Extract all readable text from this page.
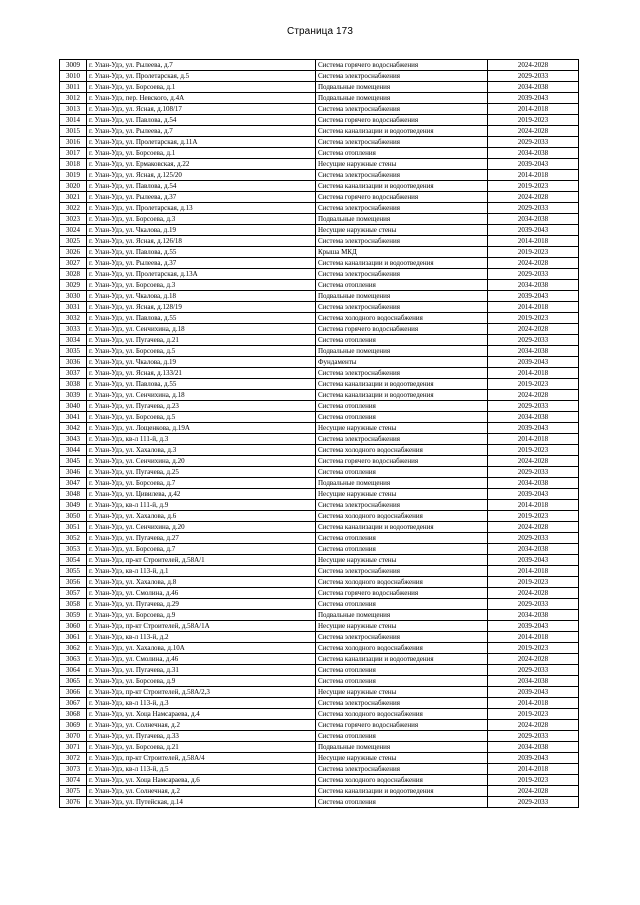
Страница 173
3009	г. Улан-Удэ, ул. Рылеева, д.7	Система горячего водоснабжения	2024-2028
3010	г. Улан-Удэ, ул. Пролетарская, д.5	Система электроснабжения	2029-2033
3011	г. Улан-Удэ, ул. Борсоева, д.1	Подвальные помещения	2034-2038
3012	г. Улан-Удэ, пер. Невского, д.4А	Подвальные помещения	2039-2043
3013	г. Улан-Удэ, ул. Ясная, д.108/17	Система электроснабжения	2014-2018
3014	г. Улан-Удэ, ул. Павлова, д.54	Система горячего водоснабжения	2019-2023
3015	г. Улан-Удэ, ул. Рылеева, д.7	Система канализации и водоотведения	2024-2028
3016	г. Улан-Удэ, ул. Пролетарская, д.11А	Система электроснабжения	2029-2033
3017	г. Улан-Удэ, ул. Борсоева, д.1	Система отопления	2034-2038
3018	г. Улан-Удэ, ул. Ермаковская, д.22	Несущие наружные стены	2039-2043
3019	г. Улан-Удэ, ул. Ясная, д.125/20	Система электроснабжения	2014-2018
3020	г. Улан-Удэ, ул. Павлова, д.54	Система канализации и водоотведения	2019-2023
3021	г. Улан-Удэ, ул. Рылеева, д.37	Система горячего водоснабжения	2024-2028
3022	г. Улан-Удэ, ул. Пролетарская, д.13	Система электроснабжения	2029-2033
3023	г. Улан-Удэ, ул. Борсоева, д.3	Подвальные помещения	2034-2038
3024	г. Улан-Удэ, ул. Чкалова, д.19	Несущие наружные стены	2039-2043
3025	г. Улан-Удэ, ул. Ясная, д.126/18	Система электроснабжения	2014-2018
3026	г. Улан-Удэ, ул. Павлова, д.55	Крыша МКД	2019-2023
3027	г. Улан-Удэ, ул. Рылеева, д.37	Система канализации и водоотведения	2024-2028
3028	г. Улан-Удэ, ул. Пролетарская, д.13А	Система электроснабжения	2029-2033
3029	г. Улан-Удэ, ул. Борсоева, д.3	Система отопления	2034-2038
3030	г. Улан-Удэ, ул. Чкалова, д.18	Подвальные помещения	2039-2043
3031	г. Улан-Удэ, ул. Ясная, д.128/19	Система электроснабжения	2014-2018
3032	г. Улан-Удэ, ул. Павлова, д.55	Система холодного водоснабжения	2019-2023
3033	г. Улан-Удэ, ул. Сенчихина, д.18	Система горячего водоснабжения	2024-2028
3034	г. Улан-Удэ, ул. Пугачева, д.21	Система отопления	2029-2033
3035	г. Улан-Удэ, ул. Борсоева, д.5	Подвальные помещения	2034-2038
3036	г. Улан-Удэ, ул. Чкалова, д.19	Фундаменты	2039-2043
3037	г. Улан-Удэ, ул. Ясная, д.133/21	Система электроснабжения	2014-2018
3038	г. Улан-Удэ, ул. Павлова, д.55	Система канализации и водоотведения	2019-2023
3039	г. Улан-Удэ, ул. Сенчихина, д.18	Система канализации и водоотведения	2024-2028
3040	г. Улан-Удэ, ул. Пугачева, д.23	Система отопления	2029-2033
3041	г. Улан-Удэ, ул. Борсоева, д.5	Система отопления	2034-2038
3042	г. Улан-Удэ, ул. Лощенкова, д.19А	Несущие наружные стены	2039-2043
3043	г. Улан-Удэ, кв-л 111-й, д.3	Система электроснабжения	2014-2018
3044	г. Улан-Удэ, ул. Хахалова, д.3	Система холодного водоснабжения	2019-2023
3045	г. Улан-Удэ, ул. Сенчихина, д.20	Система горячего водоснабжения	2024-2028
3046	г. Улан-Удэ, ул. Пугачева, д.25	Система отопления	2029-2033
3047	г. Улан-Удэ, ул. Борсоева, д.7	Подвальные помещения	2034-2038
3048	г. Улан-Удэ, ул. Цивилева, д.42	Несущие наружные стены	2039-2043
3049	г. Улан-Удэ, кв-л 111-й, д.9	Система электроснабжения	2014-2018
3050	г. Улан-Удэ, ул. Хахалова, д.6	Система холодного водоснабжения	2019-2023
3051	г. Улан-Удэ, ул. Сенчихина, д.20	Система канализации и водоотведения	2024-2028
3052	г. Улан-Удэ, ул. Пугачева, д.27	Система отопления	2029-2033
3053	г. Улан-Удэ, ул. Борсоева, д.7	Система отопления	2034-2038
3054	г. Улан-Удэ, пр-кт Строителей, д.58А/1	Несущие наружные стены	2039-2043
3055	г. Улан-Удэ, кв-л 113-й, д.1	Система электроснабжения	2014-2018
3056	г. Улан-Удэ, ул. Хахалова, д.8	Система холодного водоснабжения	2019-2023
3057	г. Улан-Удэ, ул. Смолина, д.46	Система горячего водоснабжения	2024-2028
3058	г. Улан-Удэ, ул. Пугачева, д.29	Система отопления	2029-2033
3059	г. Улан-Удэ, ул. Борсоева, д.9	Подвальные помещения	2034-2038
3060	г. Улан-Удэ, пр-кт Строителей, д.58А/1А	Несущие наружные стены	2039-2043
3061	г. Улан-Удэ, кв-л 113-й, д.2	Система электроснабжения	2014-2018
3062	г. Улан-Удэ, ул. Хахалова, д.10А	Система холодного водоснабжения	2019-2023
3063	г. Улан-Удэ, ул. Смолина, д.46	Система канализации и водоотведения	2024-2028
3064	г. Улан-Удэ, ул. Пугачева, д.31	Система отопления	2029-2033
3065	г. Улан-Удэ, ул. Борсоева, д.9	Система отопления	2034-2038
3066	г. Улан-Удэ, пр-кт Строителей, д.58А/2,3	Несущие наружные стены	2039-2043
3067	г. Улан-Удэ, кв-л 113-й, д.3	Система электроснабжения	2014-2018
3068	г. Улан-Удэ, ул. Хоца Намсараева, д.4	Система холодного водоснабжения	2019-2023
3069	г. Улан-Удэ, ул. Солнечная, д.2	Система горячего водоснабжения	2024-2028
3070	г. Улан-Удэ, ул. Пугачева, д.33	Система отопления	2029-2033
3071	г. Улан-Удэ, ул. Борсоева, д.21	Подвальные помещения	2034-2038
3072	г. Улан-Удэ, пр-кт Строителей, д.58А/4	Несущие наружные стены	2039-2043
3073	г. Улан-Удэ, кв-л 113-й, д.5	Система электроснабжения	2014-2018
3074	г. Улан-Удэ, ул. Хоца Намсараева, д.6	Система холодного водоснабжения	2019-2023
3075	г. Улан-Удэ, ул. Солнечная, д.2	Система канализации и водоотведения	2024-2028
3076	г. Улан-Удэ, ул. Путейская, д.14	Система отопления	2029-2033
